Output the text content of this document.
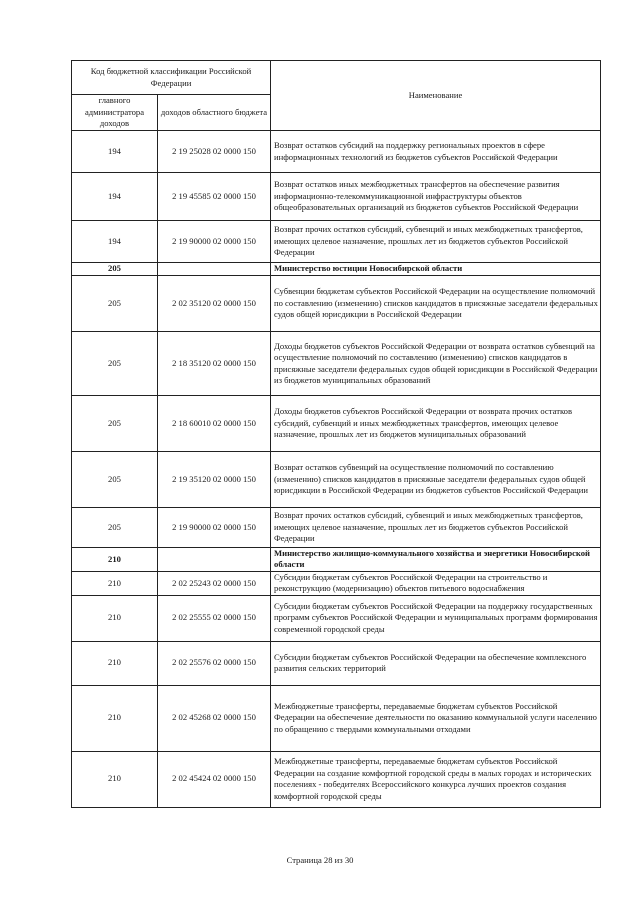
Код бюджетной классификации Российской Федерации		Наименование
главного администратора доходов	доходов областного бюджета	
194	2 19 25028 02 0000 150	Возврат остатков субсидий на поддержку региональных проектов в сфере информационных технологий из бюджетов субъектов Российской Федерации
194	2 19 45585 02 0000 150	Возврат остатков иных межбюджетных трансфертов на обеспечение развития информационно-телекоммуникационной инфраструктуры объектов общеобразовательных организаций из бюджетов субъектов Российской Федерации
194	2 19 90000 02 0000 150	Возврат прочих остатков субсидий, субвенций и иных межбюджетных трансфертов, имеющих целевое назначение, прошлых лет из бюджетов субъектов Российской Федерации
205		Министерство юстиции Новосибирской области
205	2 02 35120 02 0000 150	Субвенции бюджетам субъектов Российской Федерации на осуществление полномочий по составлению (изменению) списков кандидатов в присяжные заседатели федеральных судов общей юрисдикции в Российской Федерации
205	2 18 35120 02 0000 150	Доходы бюджетов субъектов Российской Федерации от возврата остатков субвенций на осуществление полномочий по составлению (изменению) списков кандидатов в присяжные заседатели федеральных судов общей юрисдикции в Российской Федерации из бюджетов муниципальных образований
205	2 18 60010 02 0000 150	Доходы бюджетов субъектов Российской Федерации от возврата прочих остатков субсидий, субвенций и иных межбюджетных трансфертов, имеющих целевое назначение, прошлых лет из бюджетов муниципальных образований
205	2 19 35120 02 0000 150	Возврат остатков субвенций на осуществление полномочий по составлению (изменению) списков кандидатов в присяжные заседатели федеральных судов общей юрисдикции в Российской Федерации из бюджетов субъектов Российской Федерации
205	2 19 90000 02 0000 150	Возврат прочих остатков субсидий, субвенций и иных межбюджетных трансфертов, имеющих целевое назначение, прошлых лет из бюджетов субъектов Российской Федерации
210		Министерство жилищно-коммунального хозяйства и энергетики Новосибирской области
210	2 02 25243 02 0000 150	Субсидии бюджетам субъектов Российской Федерации на строительство и реконструкцию (модернизацию) объектов питьевого водоснабжения
210	2 02 25555 02 0000 150	Субсидии бюджетам субъектов Российской Федерации на поддержку государственных программ субъектов Российской Федерации и муниципальных программ формирования современной городской среды
210	2 02 25576 02 0000 150	Субсидии бюджетам субъектов Российской Федерации на обеспечение комплексного развития сельских территорий
210	2 02 45268 02 0000 150	Межбюджетные трансферты, передаваемые бюджетам субъектов Российской Федерации на обеспечение деятельности по оказанию коммунальной услуги населению по обращению с твердыми коммунальными отходами
210	2 02 45424 02 0000 150	Межбюджетные трансферты, передаваемые бюджетам субъектов Российской Федерации на создание комфортной городской среды в малых городах и исторических поселениях - победителях Всероссийского конкурса лучших проектов создания комфортной городской среды
Страница 28 из 30
